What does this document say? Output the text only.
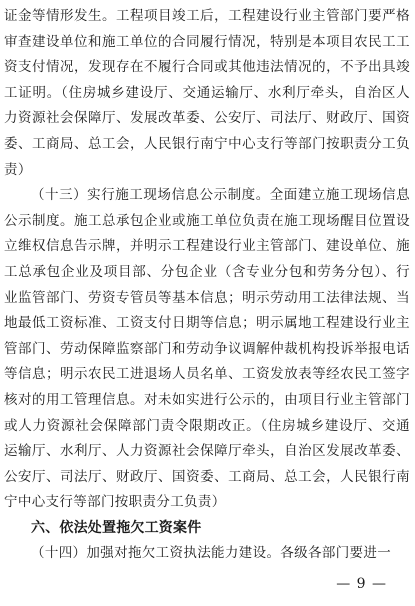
证金等情形发生。工程项目竣工后，工程建设行业主管部门要严格审查建设单位和施工单位的合同履行情况，特别是本项目农民工工资支付情况，发现存在不履行合同或其他违法情况的，不予出具竣工证明。（住房城乡建设厅、交通运输厅、水利厅牵头，自治区人力资源社会保障厅、发展改革委、公安厅、司法厅、财政厅、国资委、工商局、总工会，人民银行南宁中心支行等部门按职责分工负责）

（十三）实行施工现场信息公示制度。全面建立施工现场信息公示制度。施工总承包企业或施工单位负责在施工现场醒目位置设立维权信息告示牌，并明示工程建设行业主管部门、建设单位、施工总承包企业及项目部、分包企业（含专业分包和劳务分包）、行业监管部门、劳资专管员等基本信息；明示劳动用工法律法规、当地最低工资标准、工资支付日期等信息；明示属地工程建设行业主管部门、劳动保障监察部门和劳动争议调解仲裁机构投诉举报电话等信息；明示农民工进退场人员名单、工资发放表等经农民工签字核对的用工管理信息。对未如实进行公示的，由项目行业主管部门或人力资源社会保障部门责令限期改正。（住房城乡建设厅、交通运输厅、水利厅、人力资源社会保障厅牵头，自治区发展改革委、公安厅、司法厅、财政厅、国资委、工商局、总工会，人民银行南宁中心支行等部门按职责分工负责）

六、依法处置拖欠工资案件

（十四）加强对拖欠工资执法能力建设。各级各部门要进一

— 9 —
